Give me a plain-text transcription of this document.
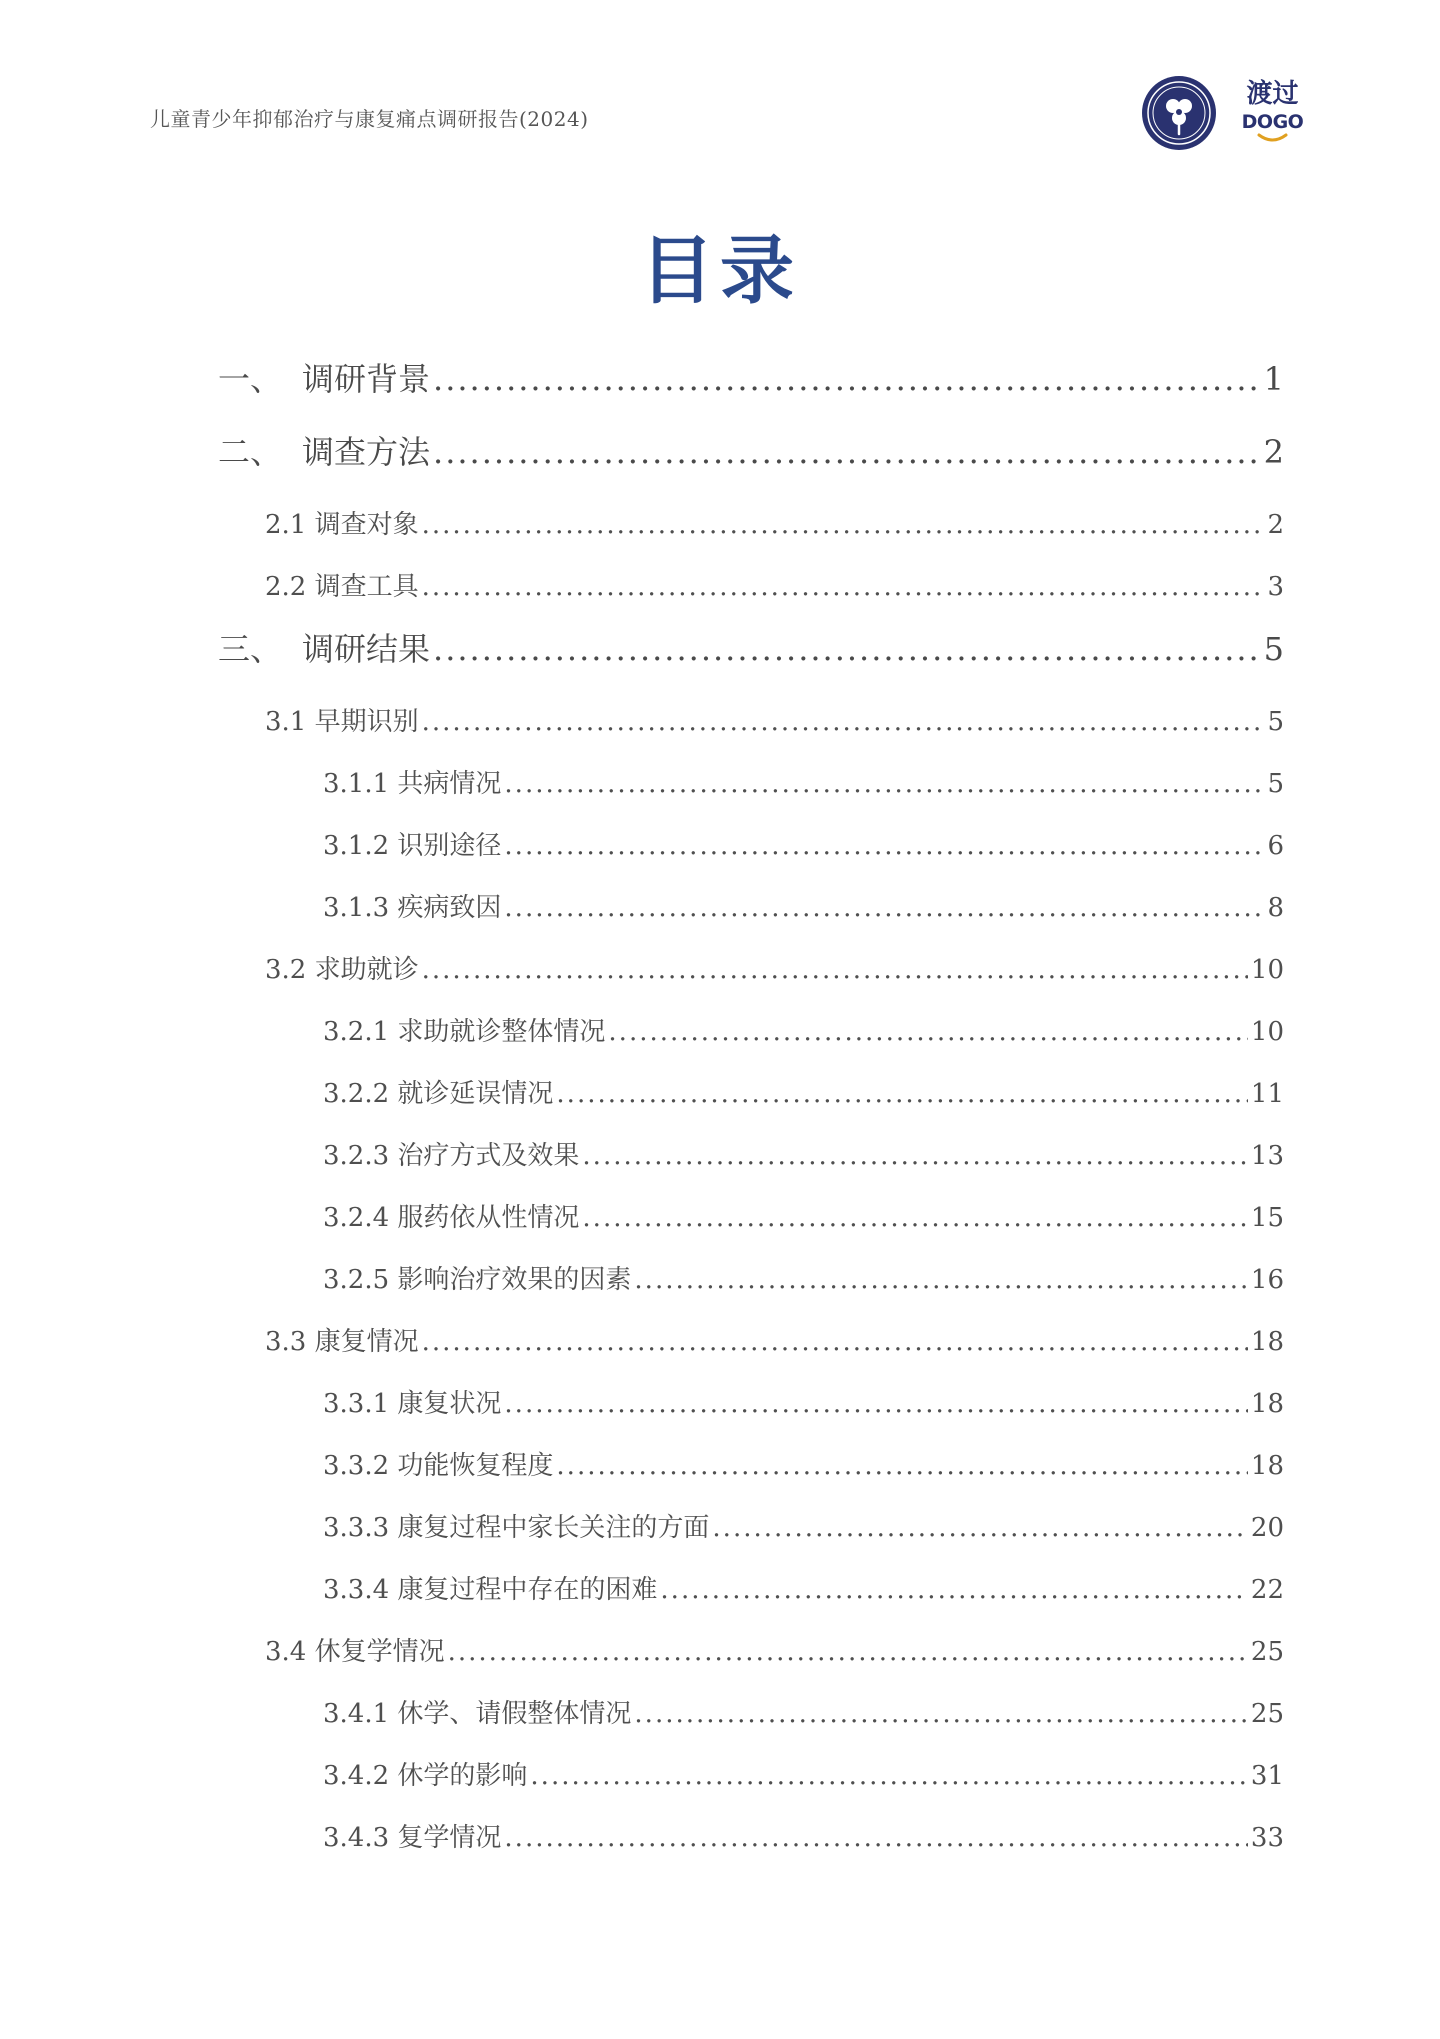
儿童青少年抑郁治疗与康复痛点调研报告(2024)
渡过
DOGO
目录
一、 调研背景 .....	1
二、 调查方法 .....	2
2.1 调查对象 .....	2
2.2 调查工具 .....	3
三、 调研结果 .....	5
3.1 早期识别 .....	5
3.1.1 共病情况 .....	5
3.1.2 识别途径 .....	6
3.1.3 疾病致因 .....	8
3.2 求助就诊 .....	10
3.2.1 求助就诊整体情况 .....	10
3.2.2 就诊延误情况 .....	11
3.2.3 治疗方式及效果 .....	13
3.2.4 服药依从性情况 .....	15
3.2.5 影响治疗效果的因素 .....	16
3.3 康复情况 .....	18
3.3.1 康复状况 .....	18
3.3.2 功能恢复程度 .....	18
3.3.3 康复过程中家长关注的方面 .....	20
3.3.4 康复过程中存在的困难 .....	22
3.4 休复学情况 .....	25
3.4.1 休学、请假整体情况 .....	25
3.4.2 休学的影响 .....	31
3.4.3 复学情况 .....	33
